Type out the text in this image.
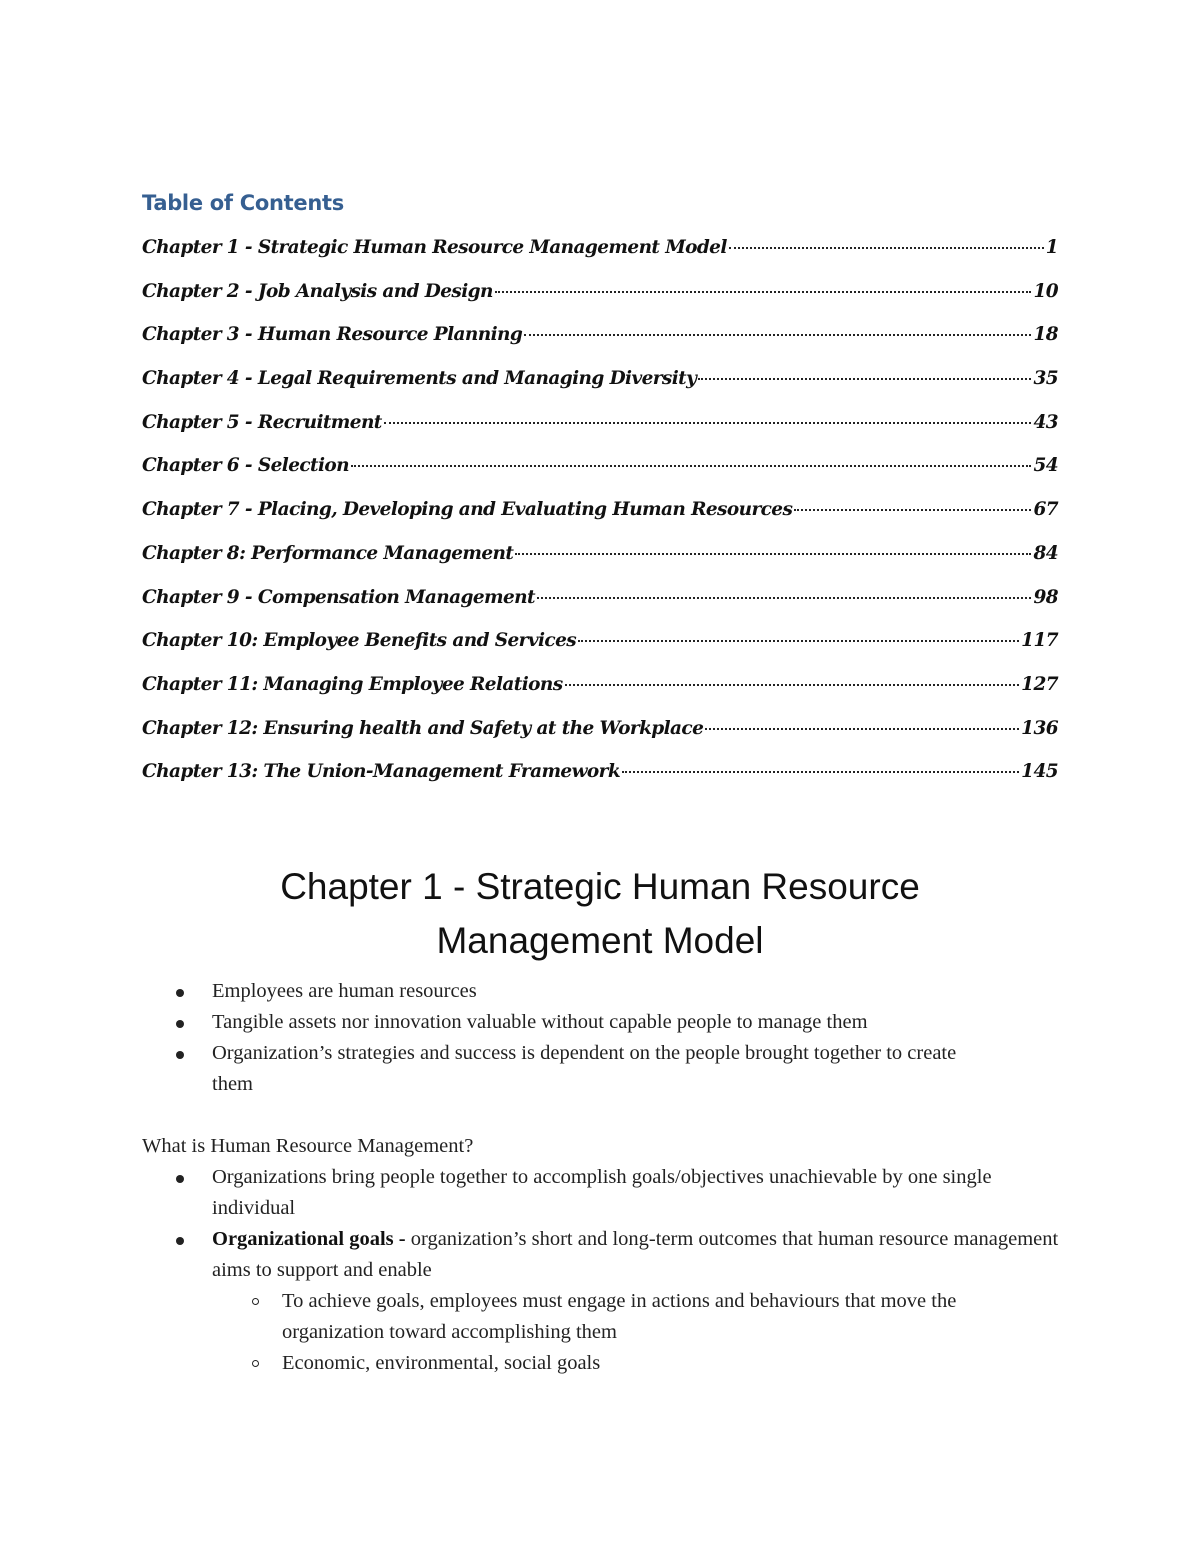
Table of Contents
Chapter 1 - Strategic Human Resource Management Model	1
Chapter 2 - Job Analysis and Design	10
Chapter 3 - Human Resource Planning	18
Chapter 4 - Legal Requirements and Managing Diversity	35
Chapter 5 - Recruitment	43
Chapter 6 - Selection	54
Chapter 7 - Placing, Developing and Evaluating Human Resources	67
Chapter 8: Performance Management	84
Chapter 9 - Compensation Management	98
Chapter 10: Employee Benefits and Services	117
Chapter 11: Managing Employee Relations	127
Chapter 12: Ensuring health and Safety at the Workplace	136
Chapter 13: The Union-Management Framework	145
Chapter 1 - Strategic Human Resource
Management Model
Employees are human resources
Tangible assets nor innovation valuable without capable people to manage them
Organization’s strategies and success is dependent on the people brought together to create them
What is Human Resource Management?
Organizations bring people together to accomplish goals/objectives unachievable by one single individual
Organizational goals - organization’s short and long-term outcomes that human resource management aims to support and enable
To achieve goals, employees must engage in actions and behaviours that move the organization toward accomplishing them
Economic, environmental, social goals
